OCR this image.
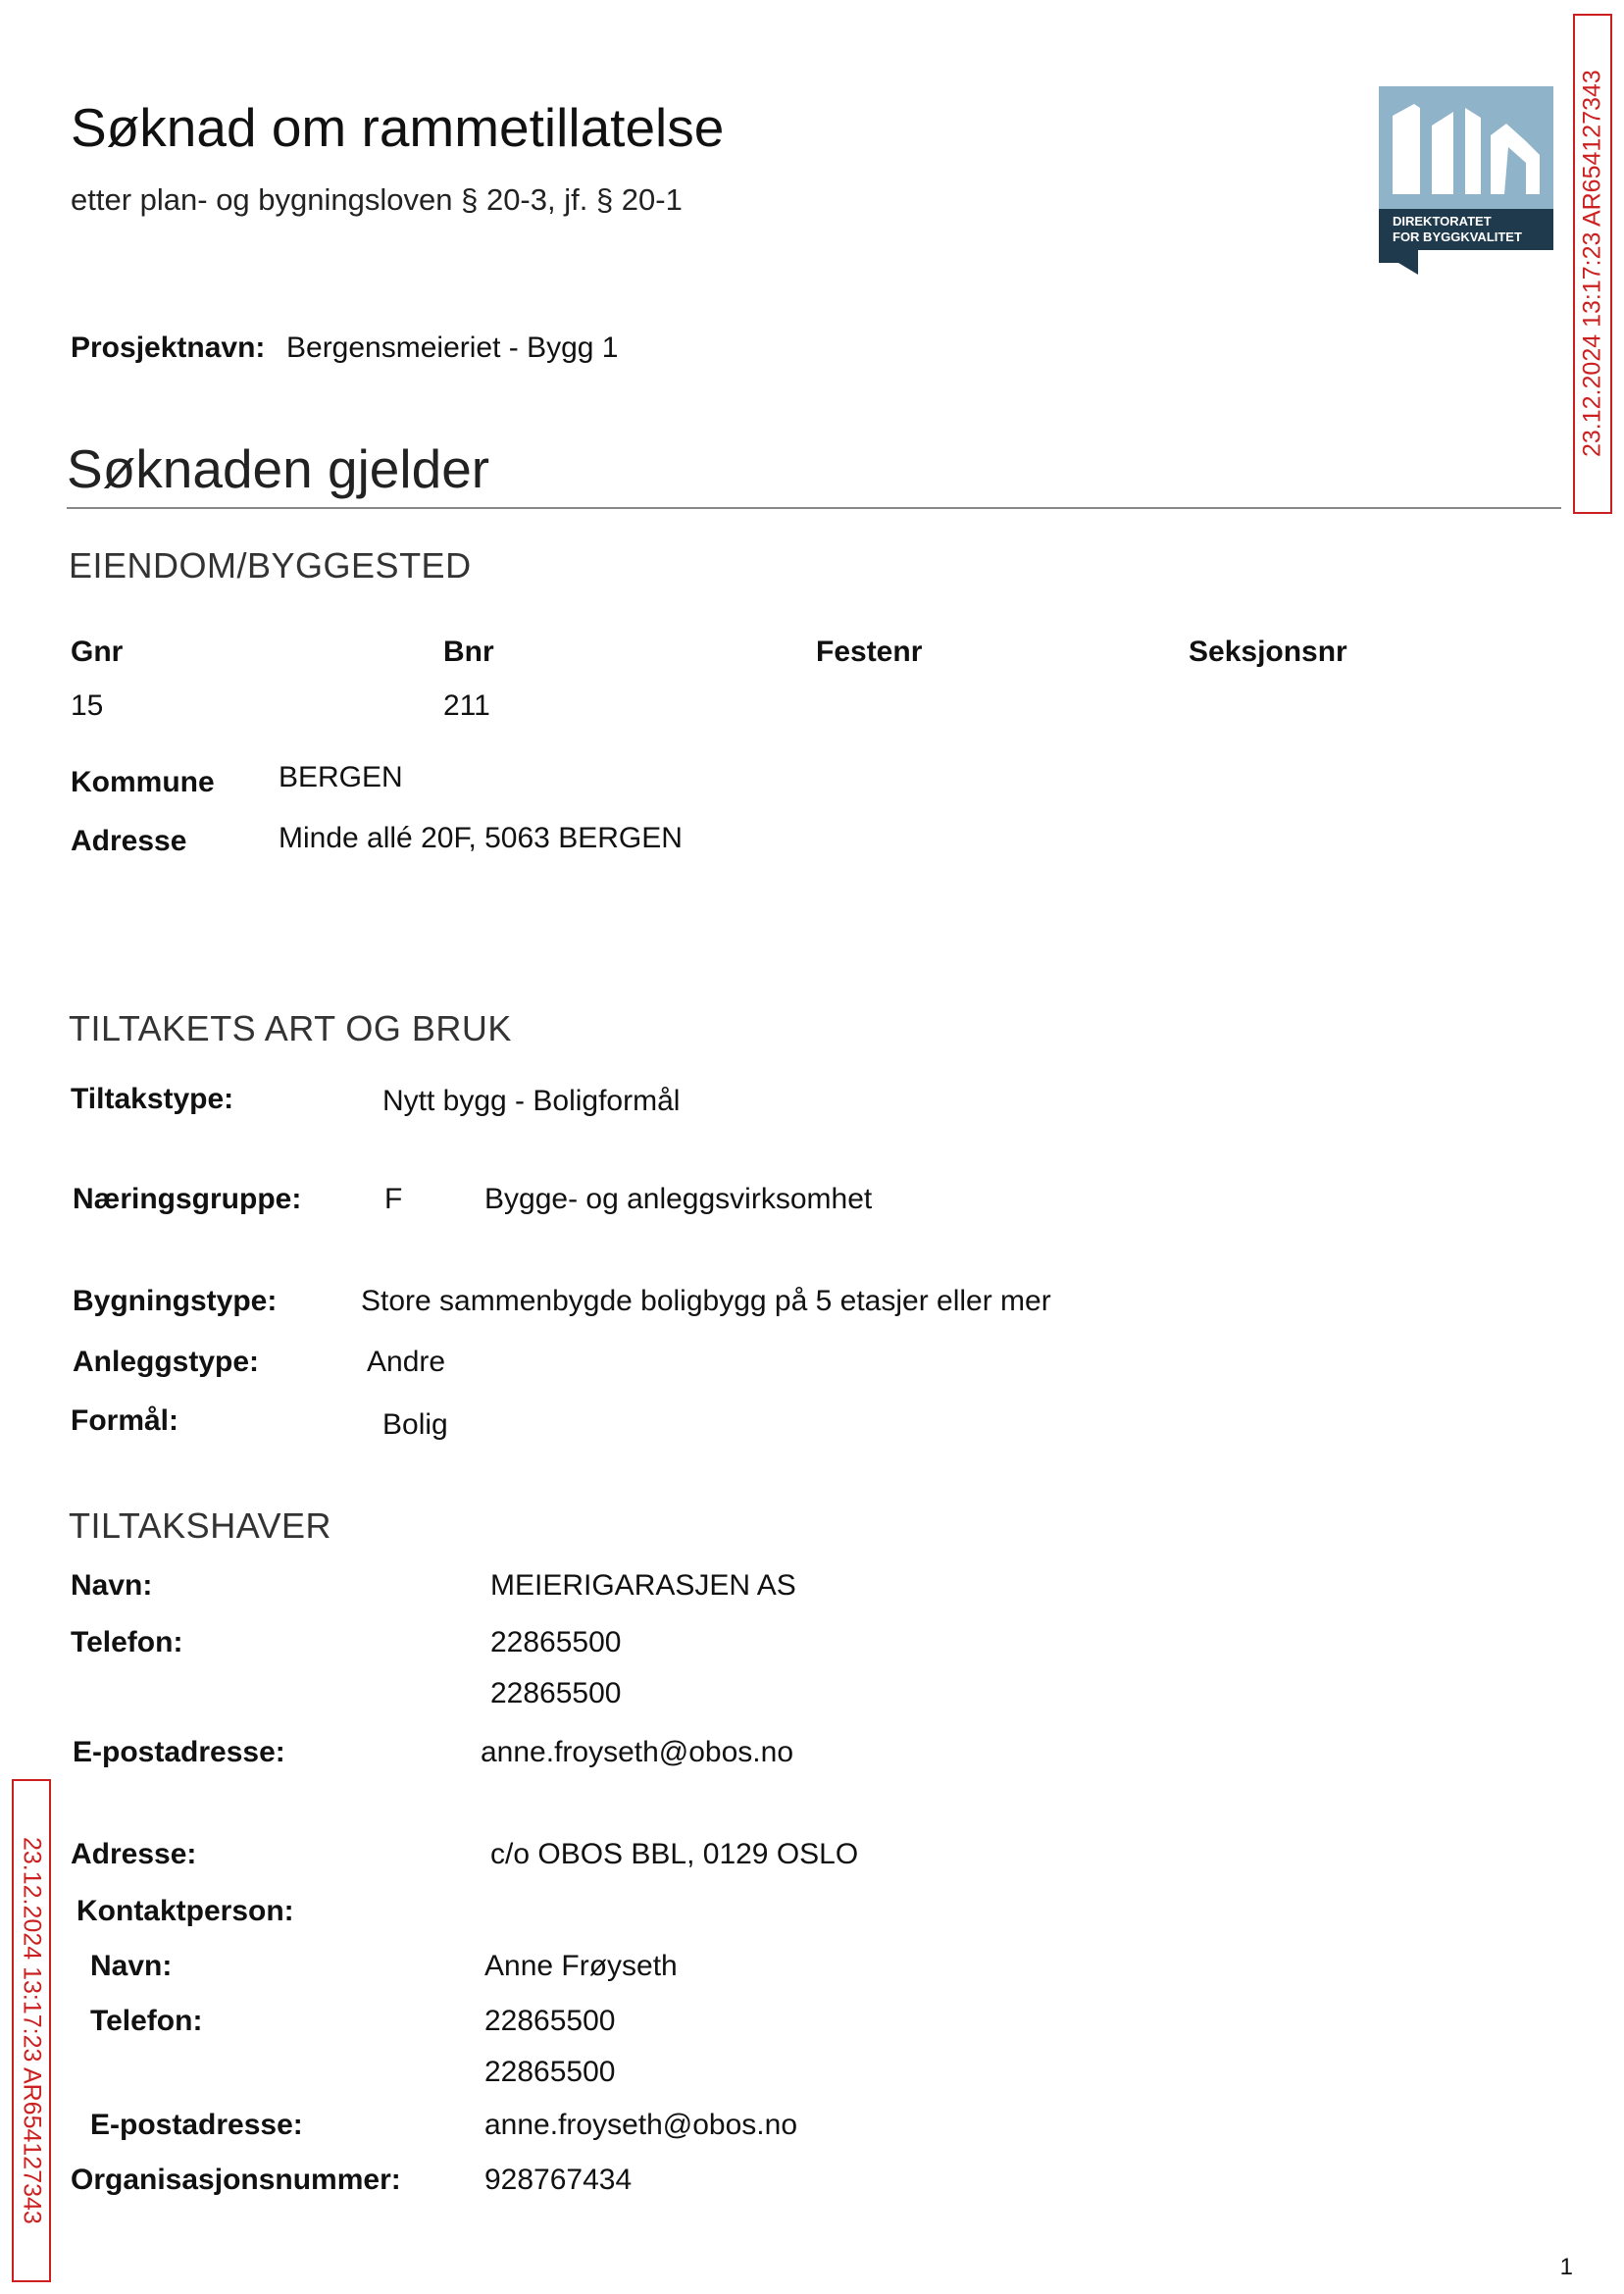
Søknad om rammetillatelse
etter plan- og bygningsloven § 20-3, jf. § 20-1
DIREKTORATET
FOR BYGGKVALITET
Prosjektnavn: Bergensmeieriet - Bygg 1
Søknaden gjelder
EIENDOM/BYGGESTED
Gnr	Bnr	Festenr	Seksjonsnr
15	211
Kommune BERGEN
Adresse	Minde allé 20F, 5063 BERGEN
TILTAKETS ART OG BRUK
Tiltakstype:	Nytt bygg - Boligformål
Næringsgruppe:	F	Bygge- og anleggsvirksomhet
Bygningstype:	Store sammenbygde boligbygg på 5 etasjer eller mer
Anleggstype:	Andre
Formål:	Bolig
TILTAKSHAVER
Navn:	MEIERIGARASJEN AS
Telefon:	22865500
22865500
E-postadresse:	anne.froyseth@obos.no
Adresse:	c/o OBOS BBL, 0129 OSLO
Kontaktperson:
Navn:	Anne Frøyseth
Telefon:	22865500
22865500
E-postadresse:	anne.froyseth@obos.no
Organisasjonsnummer:	928767434
23.12.2024 13:17:23 AR654127343
23.12.2024 13:17:23 AR654127343
1
